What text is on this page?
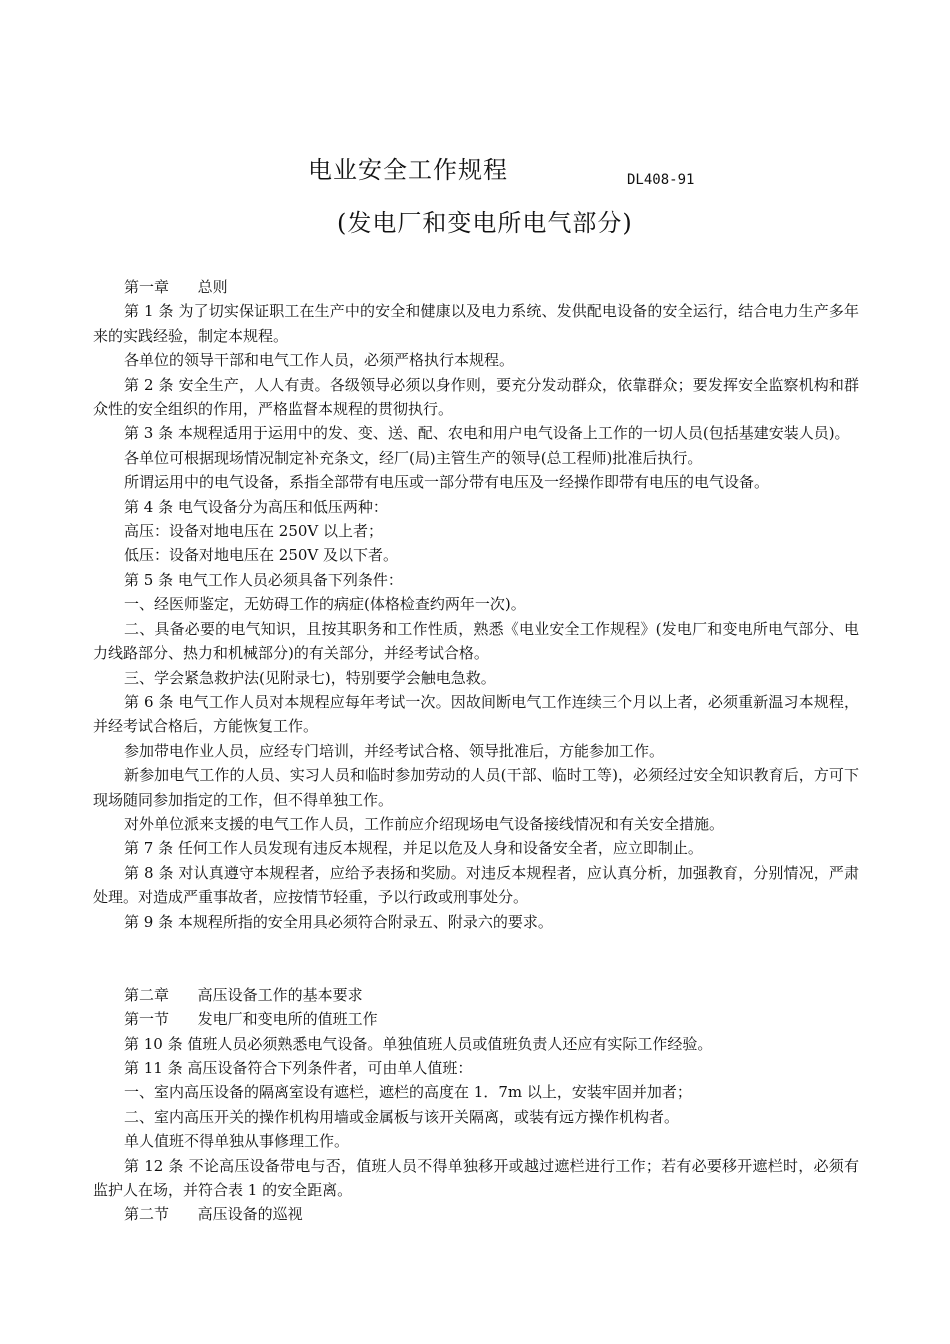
电业安全工作规程	DL408-91
(发电厂和变电所电气部分)

第一章      总则

第 1 条 为了切实保证职工在生产中的安全和健康以及电力系统、发供配电设备的安全运行，结合电力生产多年来的实践经验，制定本规程。

各单位的领导干部和电气工作人员，必须严格执行本规程。

第 2 条 安全生产，人人有责。各级领导必须以身作则，要充分发动群众，依靠群众；要发挥安全监察机构和群众性的安全组织的作用，严格监督本规程的贯彻执行。

第 3 条 本规程适用于运用中的发、变、送、配、农电和用户电气设备上工作的一切人员(包括基建安装人员)。

各单位可根据现场情况制定补充条文，经厂(局)主管生产的领导(总工程师)批准后执行。

所谓运用中的电气设备，系指全部带有电压或一部分带有电压及一经操作即带有电压的电气设备。

第 4 条 电气设备分为高压和低压两种：

高压：设备对地电压在 250V 以上者；

低压：设备对地电压在 250V 及以下者。

第 5 条 电气工作人员必须具备下列条件：

一、经医师鉴定，无妨碍工作的病症(体格检查约两年一次)。

二、具备必要的电气知识，且按其职务和工作性质，熟悉《电业安全工作规程》(发电厂和变电所电气部分、电力线路部分、热力和机械部分)的有关部分，并经考试合格。

三、学会紧急救护法(见附录七)，特别要学会触电急救。

第 6 条 电气工作人员对本规程应每年考试一次。因故间断电气工作连续三个月以上者，必须重新温习本规程，并经考试合格后，方能恢复工作。

参加带电作业人员，应经专门培训，并经考试合格、领导批准后，方能参加工作。

新参加电气工作的人员、实习人员和临时参加劳动的人员(干部、临时工等)，必须经过安全知识教育后，方可下现场随同参加指定的工作，但不得单独工作。

对外单位派来支援的电气工作人员，工作前应介绍现场电气设备接线情况和有关安全措施。

第 7 条 任何工作人员发现有违反本规程，并足以危及人身和设备安全者，应立即制止。

第 8 条 对认真遵守本规程者，应给予表扬和奖励。对违反本规程者，应认真分析，加强教育，分别情况，严肃处理。对造成严重事故者，应按情节轻重，予以行政或刑事处分。

第 9 条 本规程所指的安全用具必须符合附录五、附录六的要求。

第二章      高压设备工作的基本要求

第一节      发电厂和变电所的值班工作

第 10 条 值班人员必须熟悉电气设备。单独值班人员或值班负责人还应有实际工作经验。

第 11 条 高压设备符合下列条件者，可由单人值班：

一、室内高压设备的隔离室设有遮栏，遮栏的高度在 1．7m 以上，安装牢固并加者；

二、室内高压开关的操作机构用墙或金属板与该开关隔离，或装有远方操作机构者。

单人值班不得单独从事修理工作。

第 12 条 不论高压设备带电与否，值班人员不得单独移开或越过遮栏进行工作；若有必要移开遮栏时，必须有监护人在场，并符合表 1 的安全距离。

第二节      高压设备的巡视
